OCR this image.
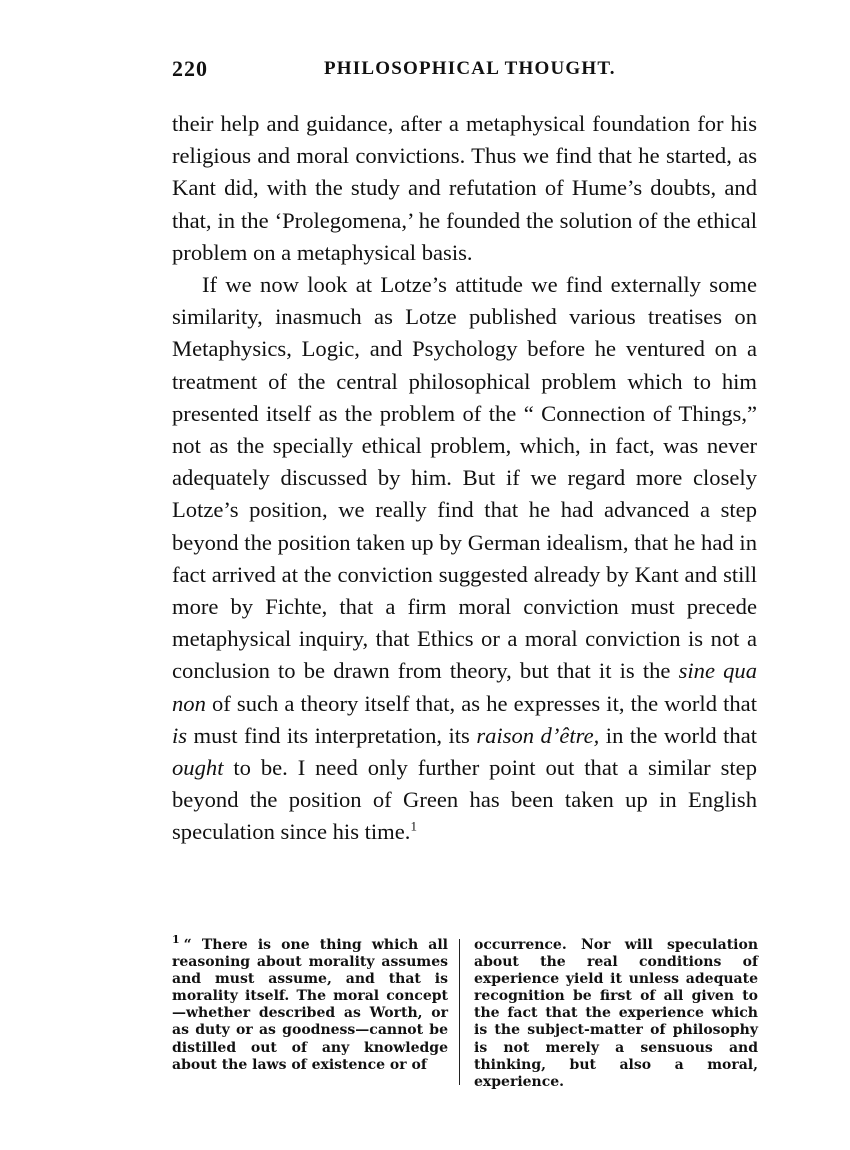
220	PHILOSOPHICAL THOUGHT.

their help and guidance, after a metaphysical foundation for his religious and moral convictions. Thus we find that he started, as Kant did, with the study and refutation of Hume’s doubts, and that, in the ‘Prolegomena,’ he founded the solution of the ethical problem on a metaphysical basis.

If we now look at Lotze’s attitude we find externally some similarity, inasmuch as Lotze published various treatises on Metaphysics, Logic, and Psychology before he ventured on a treatment of the central philosophical problem which to him presented itself as the problem of the “ Connection of Things,” not as the specially ethical problem, which, in fact, was never adequately discussed by him. But if we regard more closely Lotze’s position, we really find that he had advanced a step beyond the position taken up by German idealism, that he had in fact arrived at the conviction suggested already by Kant and still more by Fichte, that a firm moral conviction must precede metaphysical inquiry, that Ethics or a moral conviction is not a conclusion to be drawn from theory, but that it is the sine qua non of such a theory itself that, as he expresses it, the world that is must find its interpretation, its raison d’être, in the world that ought to be. I need only further point out that a similar step beyond the position of Green has been taken up in English speculation since his time.$^1$

$^1$ “ There is one thing which all reasoning about morality assumes and must assume, and that is morality itself. The moral concept—whether described as Worth, or as duty or as goodness—cannot be distilled out of any knowledge about the laws of existence or of
occurrence. Nor will speculation about the real conditions of experience yield it unless adequate recognition be first of all given to the fact that the experience which is the subject-matter of philosophy is not merely a sensuous and thinking, but also a moral, experience.
